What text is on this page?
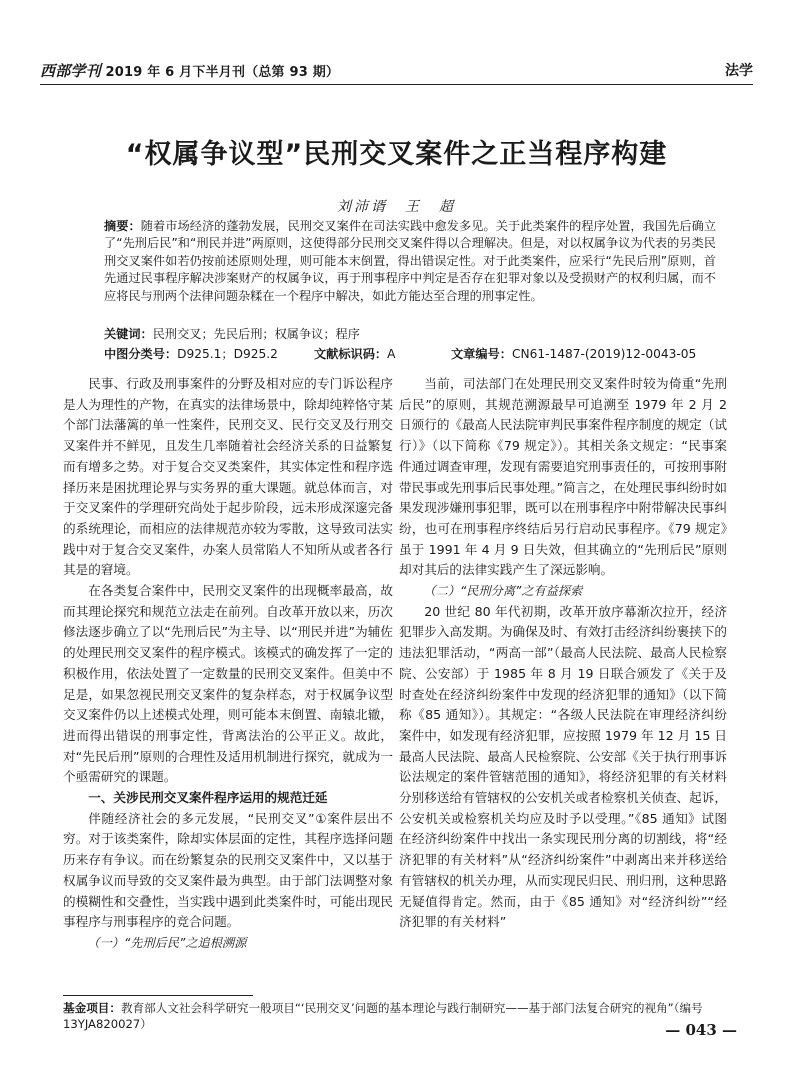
西部学刊 2019 年 6 月下半月刊（总第 93 期）	法学
“权属争议型”民刑交叉案件之正当程序构建
刘沛谞　王　超
摘要：随着市场经济的蓬勃发展，民刑交叉案件在司法实践中愈发多见。关于此类案件的程序处置，我国先后确立了“先刑后民”和“刑民并进”两原则，这使得部分民刑交叉案件得以合理解决。但是，对以权属争议为代表的另类民刑交叉案件如若仍按前述原则处理，则可能本末倒置，得出错误定性。对于此类案件，应采行“先民后刑”原则，首先通过民事程序解决涉案财产的权属争议，再于刑事程序中判定是否存在犯罪对象以及受损财产的权利归属，而不应将民与刑两个法律问题杂糅在一个程序中解决，如此方能达至合理的刑事定性。
关键词：民刑交叉；先民后刑；权属争议；程序
中图分类号：D925.1；D925.2	文献标识码：A	文章编号：CN61-1487-(2019)12-0043-05

民事、行政及刑事案件的分野及相对应的专门诉讼程序是人为理性的产物，在真实的法律场景中，除却纯粹恪守某个部门法藩篱的单一性案件，民刑交叉、民行交叉及行刑交叉案件并不鲜见，且发生几率随着社会经济关系的日益繁复而有增多之势。对于复合交叉类案件，其实体定性和程序选择历来是困扰理论界与实务界的重大课题。就总体而言，对于交叉案件的学理研究尚处于起步阶段，远未形成深邃完备的系统理论，而相应的法律规范亦较为零散，这导致司法实践中对于复合交叉案件，办案人员常陷人不知所从或者各行其是的窘境。

在各类复合案件中，民刑交叉案件的出现概率最高，故而其理论探究和规范立法走在前列。自改革开放以来，历次修法逐步确立了以“先刑后民”为主导、以“刑民并进”为辅佐的处理民刑交叉案件的程序模式。该模式的确发挥了一定的积极作用，依法处置了一定数量的民刑交叉案件。但美中不足是，如果忽视民刑交叉案件的复杂样态，对于权属争议型交叉案件仍以上述模式处理，则可能本末倒置、南辕北辙，进而得出错误的刑事定性，背离法治的公平正义。故此，对“先民后刑”原则的合理性及适用机制进行探究，就成为一个亟需研究的课题。

一、关涉民刑交叉案件程序运用的规范迁延

伴随经济社会的多元发展，“民刑交叉”①案件层出不穷。对于该类案件，除却实体层面的定性，其程序选择问题历来存有争议。而在纷繁复杂的民刑交叉案件中，又以基于权属争议而导致的交叉案件最为典型。由于部门法调整对象的模糊性和交叠性，当实践中遇到此类案件时，可能出现民事程序与刑事程序的竞合问题。

（一）“先刑后民”之追根溯源

当前，司法部门在处理民刑交叉案件时较为倚重“先刑后民”的原则，其规范溯源最早可追溯至 1979 年 2 月 2 日颁行的《最高人民法院审判民事案件程序制度的规定（试行）》（以下简称《79 规定》）。其相关条文规定：“民事案件通过调查审理，发现有需要追究刑事责任的，可按刑事附带民事或先刑事后民事处理。”简言之，在处理民事纠纷时如果发现涉嫌刑事犯罪，既可以在刑事程序中附带解决民事纠纷，也可在刑事程序终结后另行启动民事程序。《79 规定》虽于 1991 年 4 月 9 日失效，但其确立的“先刑后民”原则却对其后的法律实践产生了深远影响。

（二）“民刑分离”之有益探索

20 世纪 80 年代初期，改革开放序幕渐次拉开，经济犯罪步入高发期。为确保及时、有效打击经济纠纷裹挟下的违法犯罪活动，“两高一部”（最高人民法院、最高人民检察院、公安部）于 1985 年 8 月 19 日联合颁发了《关于及时查处在经济纠纷案件中发现的经济犯罪的通知》（以下简称《85 通知》）。其规定：“各级人民法院在审理经济纠纷案件中，如发现有经济犯罪，应按照 1979 年 12 月 15 日最高人民法院、最高人民检察院、公安部《关于执行刑事诉讼法规定的案件管辖范围的通知》，将经济犯罪的有关材料分别移送给有管辖权的公安机关或者检察机关侦查、起诉，公安机关或检察机关均应及时予以受理。”《85 通知》试图在经济纠纷案件中找出一条实现民刑分离的切割线，将“经济犯罪的有关材料”从“经济纠纷案件”中剥离出来并移送给有管辖权的机关办理，从而实现民归民、刑归刑，这种思路无疑值得肯定。然而，由于《85 通知》对“经济纠纷”“经济犯罪的有关材料”

基金项目：教育部人文社会科学研究一般项目“‘民刑交叉’问题的基本理论与践行制研究——基于部门法复合研究的视角”（编号 13YJA820027）	— 043 —
